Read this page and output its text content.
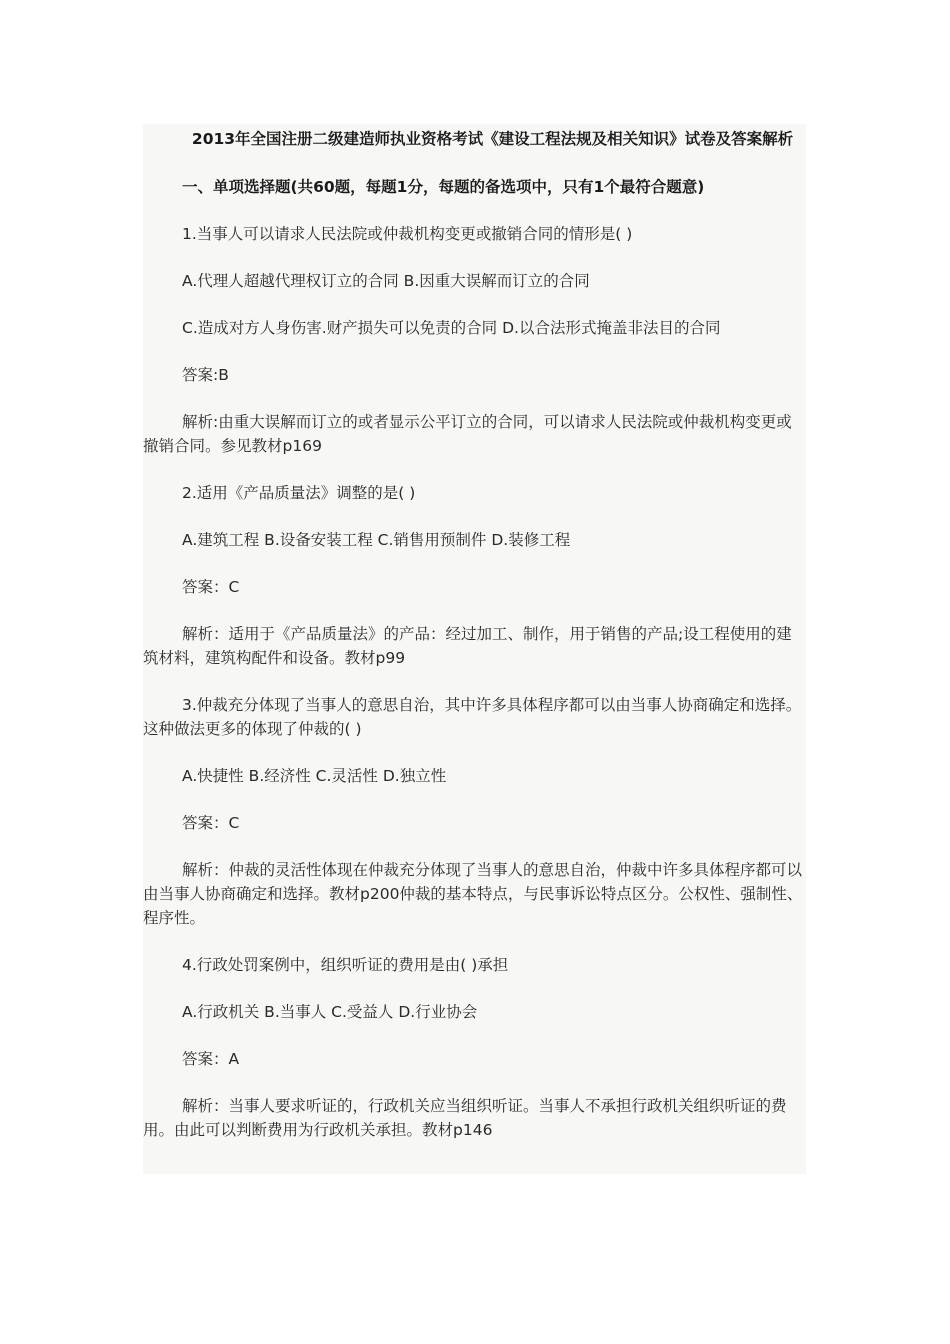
2013年全国注册二级建造师执业资格考试《建设工程法规及相关知识》试卷及答案解析
一、单项选择题(共60题，每题1分，每题的备选项中，只有1个最符合题意)

1.当事人可以请求人民法院或仲裁机构变更或撤销合同的情形是( )

A.代理人超越代理权订立的合同 B.因重大误解而订立的合同

C.造成对方人身伤害.财产损失可以免责的合同 D.以合法形式掩盖非法目的合同

答案:B

解析:由重大误解而订立的或者显示公平订立的合同，可以请求人民法院或仲裁机构变更或撤销合同。参见教材p169

2.适用《产品质量法》调整的是( )

A.建筑工程 B.设备安装工程 C.销售用预制件 D.装修工程

答案：C

解析：适用于《产品质量法》的产品：经过加工、制作，用于销售的产品;设工程使用的建筑材料，建筑构配件和设备。教材p99

3.仲裁充分体现了当事人的意思自治，其中许多具体程序都可以由当事人协商确定和选择。这种做法更多的体现了仲裁的( )

A.快捷性 B.经济性 C.灵活性 D.独立性

答案：C

解析：仲裁的灵活性体现在仲裁充分体现了当事人的意思自治，仲裁中许多具体程序都可以由当事人协商确定和选择。教材p200仲裁的基本特点，与民事诉讼特点区分。公权性、强制性、程序性。

4.行政处罚案例中，组织听证的费用是由( )承担

A.行政机关 B.当事人 C.受益人 D.行业协会

答案：A

解析：当事人要求听证的，行政机关应当组织听证。当事人不承担行政机关组织听证的费用。由此可以判断费用为行政机关承担。教材p146
